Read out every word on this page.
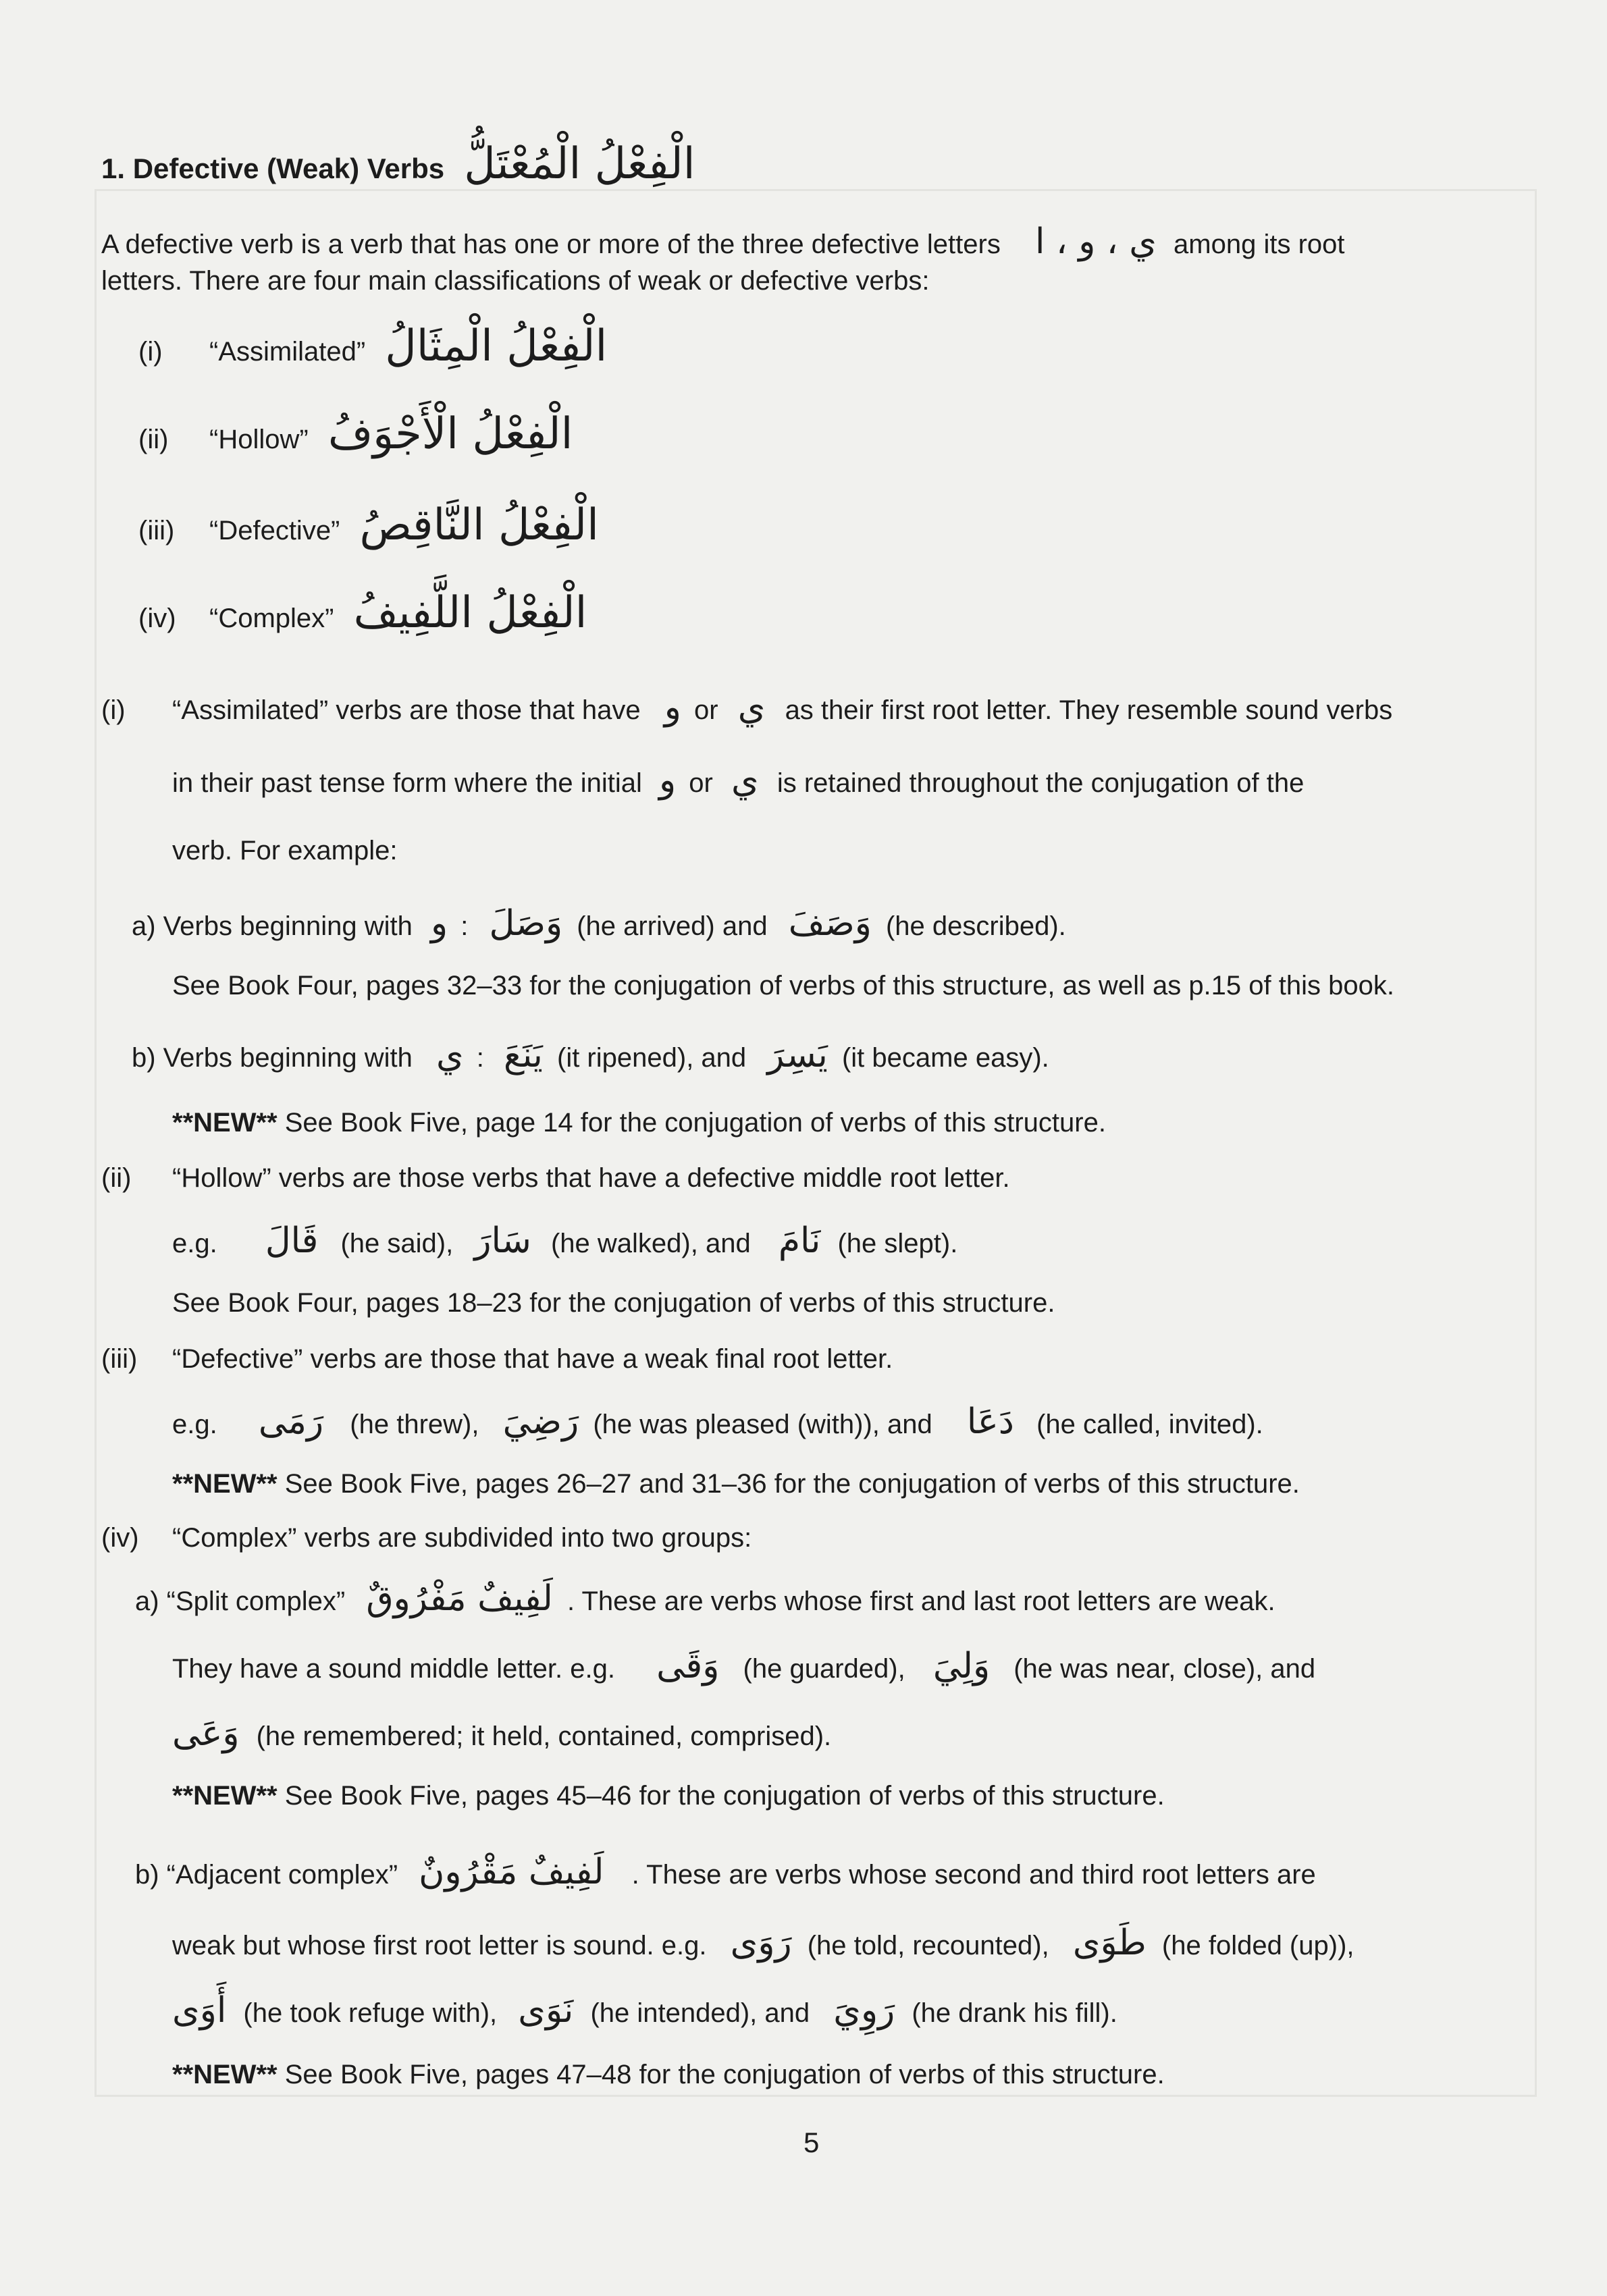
1. Defective (Weak) Verbs الْفِعْلُ الْمُعْتَلُّ
A defective verb is a verb that has one or more of the three defective letters ي ، و ، ا among its root
letters. There are four main classifications of weak or defective verbs:
(i) “Assimilated” الْفِعْلُ الْمِثَالُ
(ii) “Hollow” الْفِعْلُ الْأَجْوَفُ
(iii) “Defective” الْفِعْلُ النَّاقِصُ
(iv) “Complex” الْفِعْلُ اللَّفِيفُ
(i) “Assimilated” verbs are those that have و or ي as their first root letter. They resemble sound verbs
in their past tense form where the initial و or ي is retained throughout the conjugation of the
verb. For example:
a) Verbs beginning with و : وَصَلَ (he arrived) and وَصَفَ (he described).
See Book Four, pages 32–33 for the conjugation of verbs of this structure, as well as p.15 of this book.
b) Verbs beginning with ي : يَنَعَ (it ripened), and يَسِرَ (it became easy).
**NEW** See Book Five, page 14 for the conjugation of verbs of this structure.
(ii) “Hollow” verbs are those verbs that have a defective middle root letter.
e.g. قَالَ (he said), سَارَ (he walked), and نَامَ (he slept).
See Book Four, pages 18–23 for the conjugation of verbs of this structure.
(iii) “Defective” verbs are those that have a weak final root letter.
e.g. رَمَى (he threw), رَضِيَ (he was pleased (with)), and دَعَا (he called, invited).
**NEW** See Book Five, pages 26–27 and 31–36 for the conjugation of verbs of this structure.
(iv) “Complex” verbs are subdivided into two groups:
a) “Split complex” لَفِيفٌ مَفْرُوقٌ . These are verbs whose first and last root letters are weak.
They have a sound middle letter. e.g. وَقَى (he guarded), وَلِيَ (he was near, close), and
وَعَى (he remembered; it held, contained, comprised).
**NEW** See Book Five, pages 45–46 for the conjugation of verbs of this structure.
b) “Adjacent complex” لَفِيفٌ مَقْرُونٌ . These are verbs whose second and third root letters are
weak but whose first root letter is sound. e.g. رَوَى (he told, recounted), طَوَى (he folded (up)),
أَوَى (he took refuge with), نَوَى (he intended), and رَوِيَ (he drank his fill).
**NEW** See Book Five, pages 47–48 for the conjugation of verbs of this structure.
5
